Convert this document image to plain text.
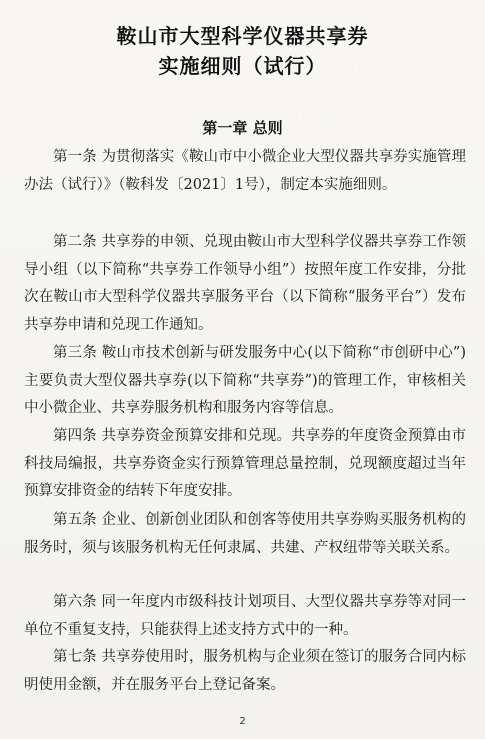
· · · · · · · · · · ·
· · · · · · · · · · · · ·
鞍山市大型科学仪器共享券
实施细则（试行）
第一章 总则
第一条 为贯彻落实《鞍山市中小微企业大型仪器共享券实施管理办法（试行）》（鞍科发〔2021〕1号），制定本实施细则。
第二条 共享券的申领、兑现由鞍山市大型科学仪器共享券工作领导小组（以下简称“共享券工作领导小组”）按照年度工作安排，分批次在鞍山市大型科学仪器共享服务平台（以下简称“服务平台”）发布共享券申请和兑现工作通知。
第三条 鞍山市技术创新与研发服务中心(以下简称“市创研中心”)主要负责大型仪器共享券(以下简称“共享券”)的管理工作，审核相关中小微企业、共享券服务机构和服务内容等信息。
第四条 共享券资金预算安排和兑现。共享券的年度资金预算由市科技局编报，共享券资金实行预算管理总量控制，兑现额度超过当年预算安排资金的结转下年度安排。
第五条 企业、创新创业团队和创客等使用共享券购买服务机构的服务时，须与该服务机构无任何隶属、共建、产权纽带等关联关系。
第六条 同一年度内市级科技计划项目、大型仪器共享券等对同一单位不重复支持，只能获得上述支持方式中的一种。
第七条 共享券使用时，服务机构与企业须在签订的服务合同内标明使用金额，并在服务平台上登记备案。
2
